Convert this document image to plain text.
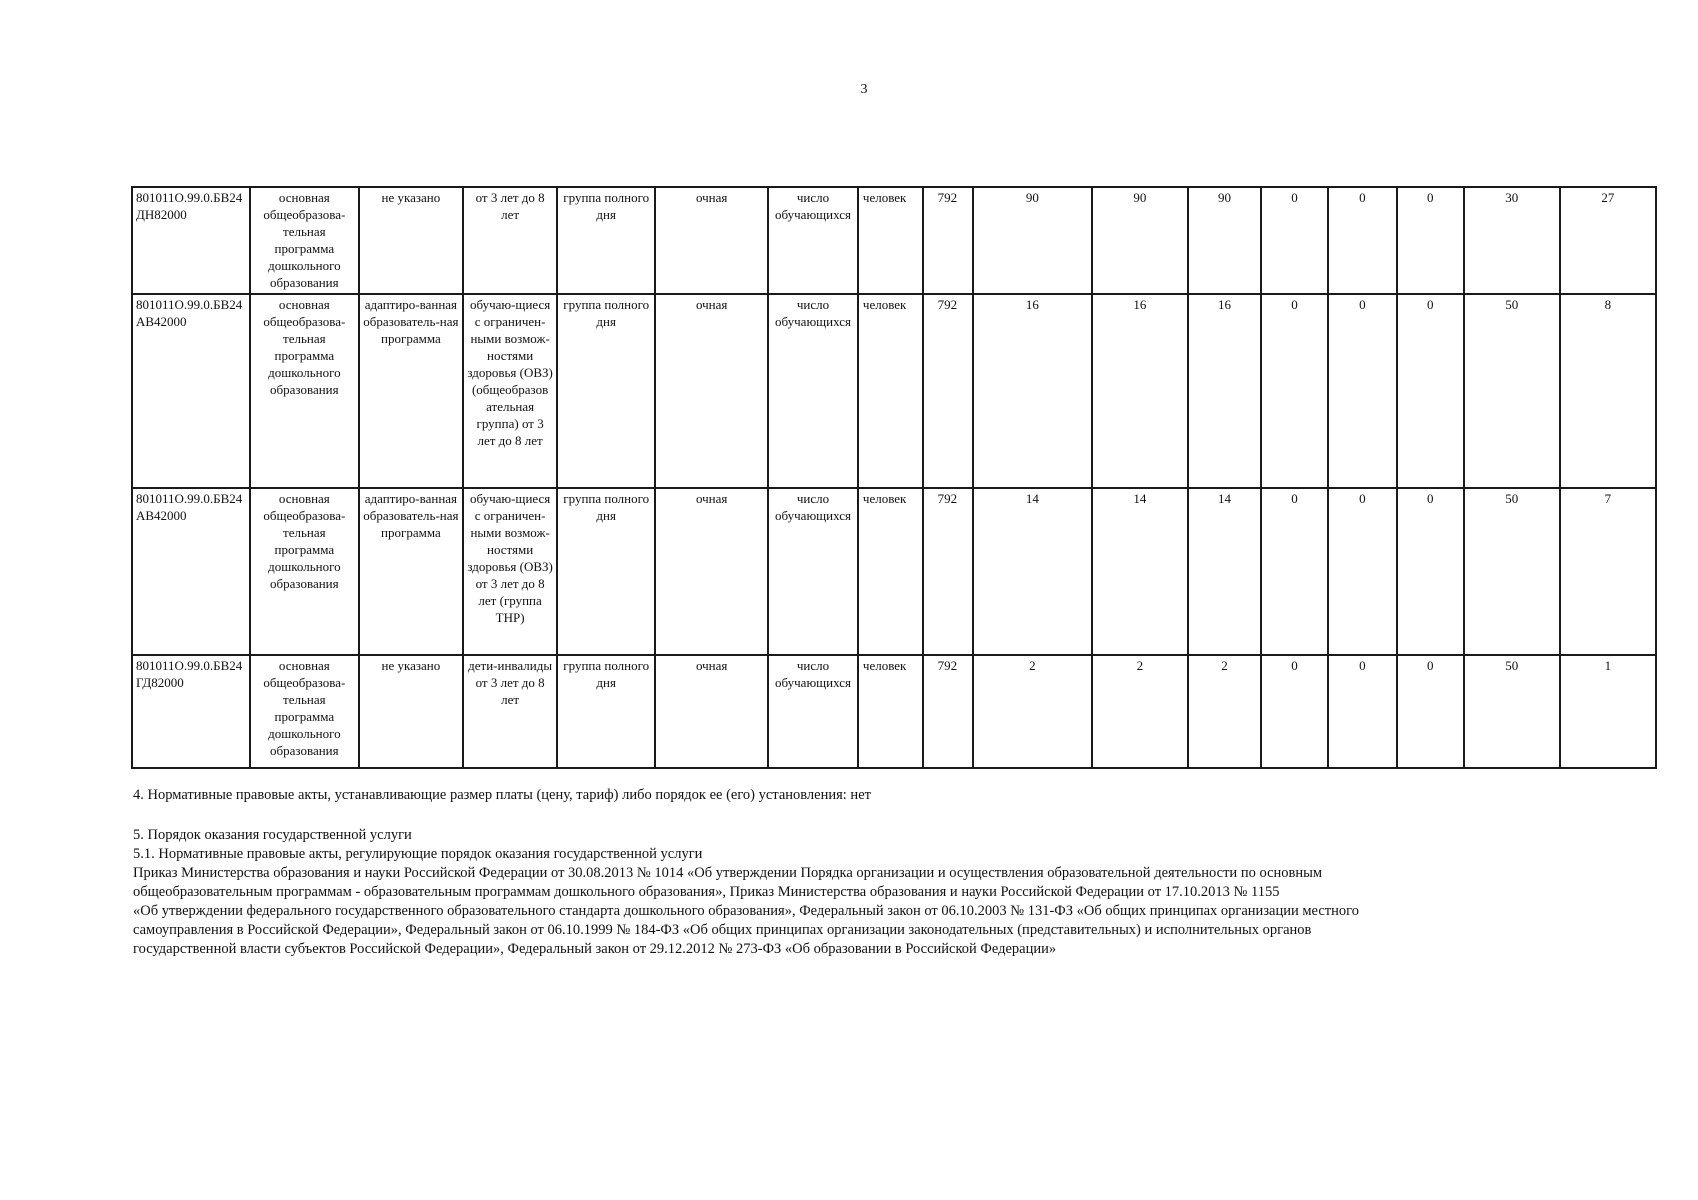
3
801011О.99.0.БВ24ДН82000	основная общеобразова-тельная программа дошкольного образования	не указано	от 3 лет до 8 лет	группа полного дня	очная	число обучающихся	человек	792	90	90	90	0	0	0	30	27
801011О.99.0.БВ24АВ42000	основная общеобразова-тельная программа дошкольного образования	адаптиро-ванная образователь-ная программа	обучаю-щиеся с ограничен-ными возмож-ностями здоровья (ОВЗ) (общеобразов ательная группа) от 3 лет до 8 лет	группа полного дня	очная	число обучающихся	человек	792	16	16	16	0	0	0	50	8
801011О.99.0.БВ24АВ42000	основная общеобразова-тельная программа дошкольного образования	адаптиро-ванная образователь-ная программа	обучаю-щиеся с ограничен-ными возмож-ностями здоровья (ОВЗ) от 3 лет до 8 лет (группа ТНР)	группа полного дня	очная	число обучающихся	человек	792	14	14	14	0	0	0	50	7
801011О.99.0.БВ24ГД82000	основная общеобразова-тельная программа дошкольного образования	не указано	дети-инвалиды от 3 лет до 8 лет	группа полного дня	очная	число обучающихся	человек	792	2	2	2	0	0	0	50	1
4. Нормативные правовые акты, устанавливающие размер платы (цену, тариф) либо порядок ее (его) установления: нет

5. Порядок оказания государственной услуги

5.1. Нормативные правовые акты, регулирующие порядок оказания государственной услуги

Приказ Министерства образования и науки Российской Федерации от 30.08.2013 № 1014 «Об утверждении Порядка организации и осуществления образовательной деятельности по основным

общеобразовательным программам - образовательным программам дошкольного образования», Приказ Министерства образования и науки Российской Федерации от 17.10.2013 № 1155

«Об утверждении федерального государственного образовательного стандарта дошкольного образования», Федеральный закон от 06.10.2003 № 131-ФЗ «Об общих принципах организации местного

самоуправления в Российской Федерации», Федеральный закон от 06.10.1999 № 184-ФЗ «Об общих принципах организации законодательных (представительных) и исполнительных органов

государственной власти субъектов Российской Федерации», Федеральный закон от 29.12.2012 № 273-ФЗ «Об образовании в Российской Федерации»
